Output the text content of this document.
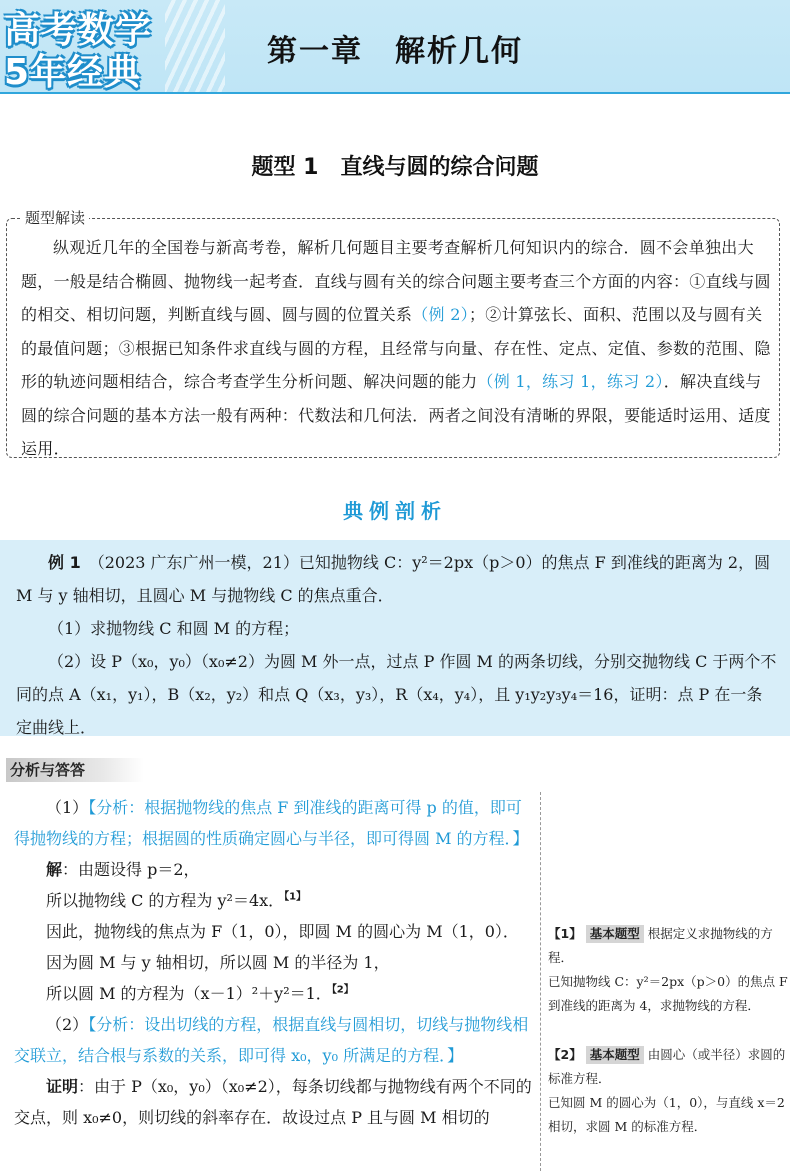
高考数学
5年经典
第一章　解析几何
题型 1　直线与圆的综合问题
题型解读
纵观近几年的全国卷与新高考卷，解析几何题目主要考查解析几何知识内的综合．圆不会单独出大题，一般是结合椭圆、抛物线一起考查．直线与圆有关的综合问题主要考查三个方面的内容：①直线与圆的相交、相切问题，判断直线与圆、圆与圆的位置关系（例 2）；②计算弦长、面积、范围以及与圆有关的最值问题；③根据已知条件求直线与圆的方程，且经常与向量、存在性、定点、定值、参数的范围、隐形的轨迹问题相结合，综合考查学生分析问题、解决问题的能力（例 1，练习 1，练习 2）．解决直线与圆的综合问题的基本方法一般有两种：代数法和几何法．两者之间没有清晰的界限，要能适时运用、适度运用．
典例剖析

例 1　 （2023 广东广州一模，21）已知抛物线 C：y²＝2px（p＞0）的焦点 F 到准线的距离为 2，圆 M 与 y 轴相切，且圆心 M 与抛物线 C 的焦点重合．

（1）求抛物线 C 和圆 M 的方程；

（2）设 P（x₀，y₀）（x₀≠2）为圆 M 外一点，过点 P 作圆 M 的两条切线，分别交抛物线 C 于两个不同的点 A（x₁，y₁），B（x₂，y₂）和点 Q（x₃，y₃），R（x₄，y₄），且 y₁y₂y₃y₄＝16，证明：点 P 在一条定曲线上．

分析与答答

（1）【分析：根据抛物线的焦点 F 到准线的距离可得 p 的值，即可得抛物线的方程；根据圆的性质确定圆心与半径，即可得圆 M 的方程．】

解：由题设得 p＝2，

所以抛物线 C 的方程为 y²＝4x．$^{【1】}$

因此，抛物线的焦点为 F（1，0），即圆 M 的圆心为 M（1，0）．

因为圆 M 与 y 轴相切，所以圆 M 的半径为 1，

所以圆 M 的方程为（x－1）²＋y²＝1．$^{【2】}$

（2）【分析：设出切线的方程，根据直线与圆相切，切线与抛物线相交联立，结合根与系数的关系，即可得 x₀，y₀ 所满足的方程．】

证明：由于 P（x₀，y₀）（x₀≠2），每条切线都与抛物线有两个不同的交点，则 x₀≠0，则切线的斜率存在．故设过点 P 且与圆 M 相切的

【1】 基本题型 根据定义求抛物线的方程．
已知抛物线 C：y²＝2px（p＞0）的焦点 F 到准线的距离为 4，求抛物线的方程．
【2】 基本题型 由圆心（或半径）求圆的标准方程．
已知圆 M 的圆心为（1，0），与直线 x＝2 相切，求圆 M 的标准方程．
